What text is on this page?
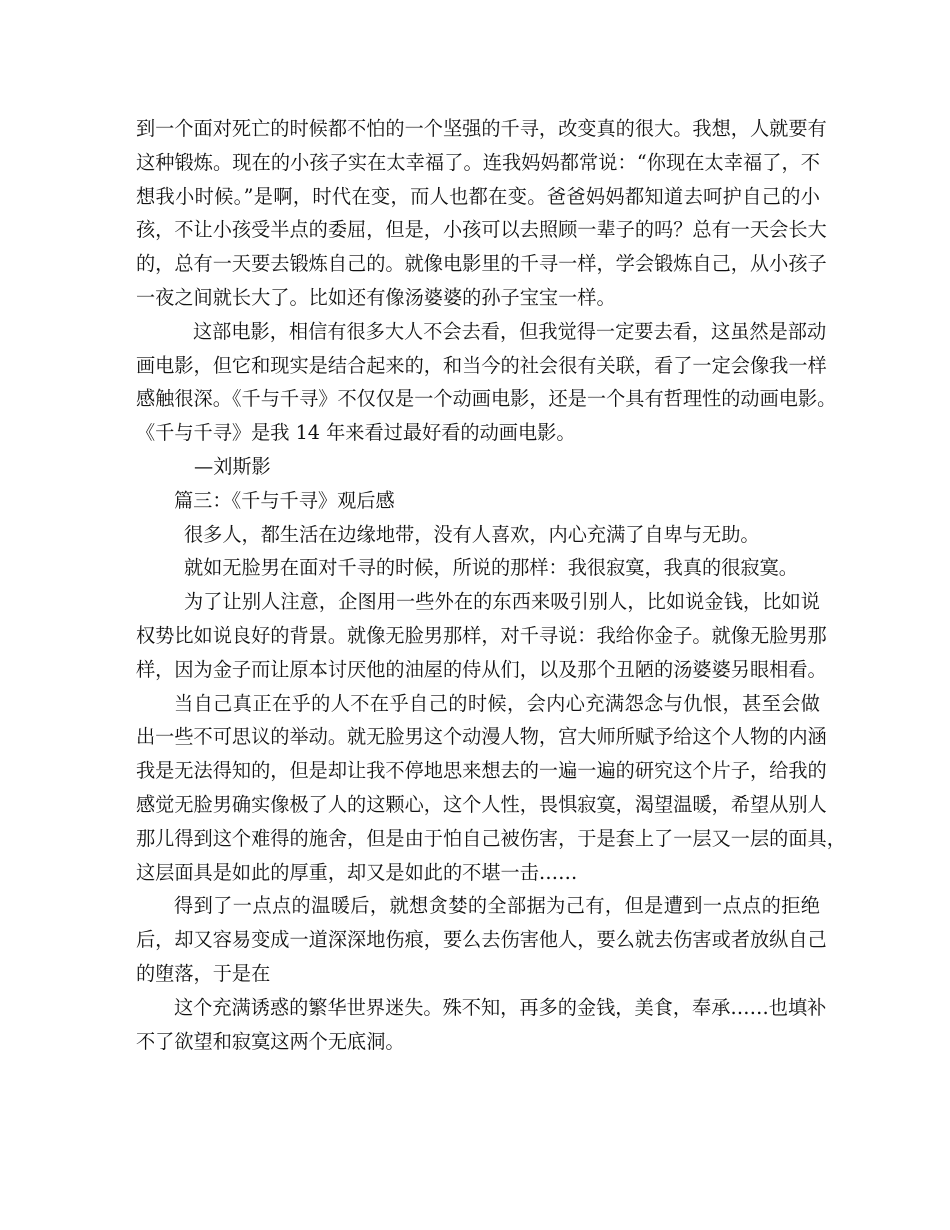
到一个面对死亡的时候都不怕的一个坚强的千寻，改变真的很大。我想，人就要有
这种锻炼。现在的小孩子实在太幸福了。连我妈妈都常说：“你现在太幸福了，不
想我小时候。”是啊，时代在变，而人也都在变。爸爸妈妈都知道去呵护自己的小
孩，不让小孩受半点的委屈，但是，小孩可以去照顾一辈子的吗？总有一天会长大
的，总有一天要去锻炼自己的。就像电影里的千寻一样，学会锻炼自己，从小孩子
一夜之间就长大了。比如还有像汤婆婆的孙子宝宝一样。
这部电影，相信有很多大人不会去看，但我觉得一定要去看，这虽然是部动
画电影，但它和现实是结合起来的，和当今的社会很有关联，看了一定会像我一样
感触很深。《千与千寻》不仅仅是一个动画电影，还是一个具有哲理性的动画电影。
《千与千寻》是我 14 年来看过最好看的动画电影。
—刘斯影
篇三：《千与千寻》观后感
很多人，都生活在边缘地带，没有人喜欢，内心充满了自卑与无助。
就如无脸男在面对千寻的时候，所说的那样：我很寂寞，我真的很寂寞。
为了让别人注意，企图用一些外在的东西来吸引别人，比如说金钱，比如说
权势比如说良好的背景。就像无脸男那样，对千寻说：我给你金子。就像无脸男那
样，因为金子而让原本讨厌他的油屋的侍从们，以及那个丑陋的汤婆婆另眼相看。
当自己真正在乎的人不在乎自己的时候，会内心充满怨念与仇恨，甚至会做
出一些不可思议的举动。就无脸男这个动漫人物，宫大师所赋予给这个人物的内涵
我是无法得知的，但是却让我不停地思来想去的一遍一遍的研究这个片子，给我的
感觉无脸男确实像极了人的这颗心，这个人性，畏惧寂寞，渴望温暖，希望从别人
那儿得到这个难得的施舍，但是由于怕自己被伤害，于是套上了一层又一层的面具，
这层面具是如此的厚重，却又是如此的不堪一击……
得到了一点点的温暖后，就想贪婪的全部据为己有，但是遭到一点点的拒绝
后，却又容易变成一道深深地伤痕，要么去伤害他人，要么就去伤害或者放纵自己
的堕落，于是在
这个充满诱惑的繁华世界迷失。殊不知，再多的金钱，美食，奉承……也填补
不了欲望和寂寞这两个无底洞。
